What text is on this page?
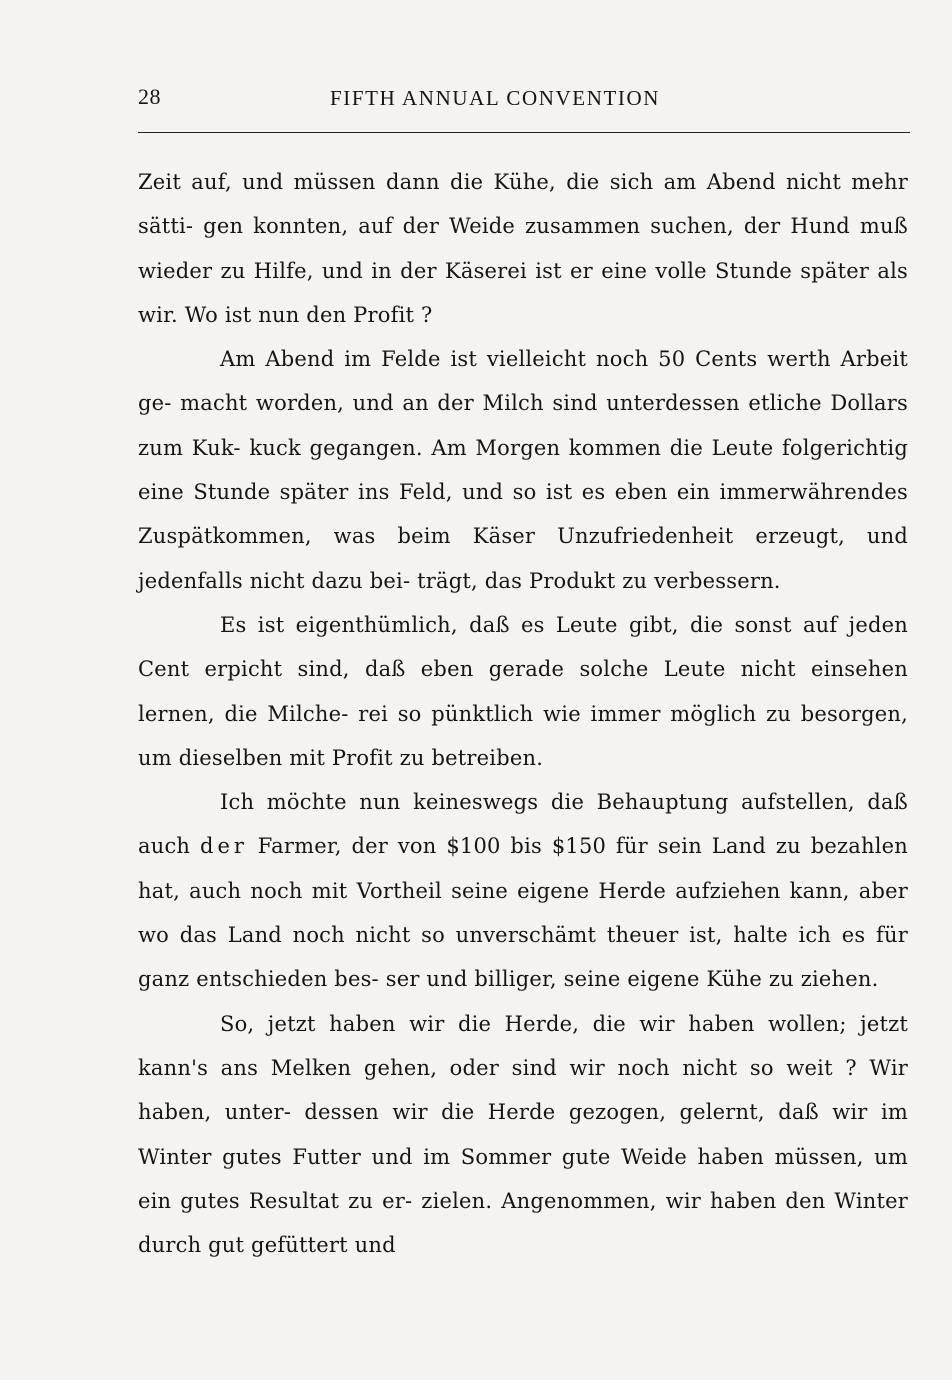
28	FIFTH ANNUAL CONVENTION

Zeit auf, und müssen dann die Kühe, die sich am Abend nicht mehr sätti- gen konnten, auf der Weide zusammen suchen, der Hund muß wieder zu Hilfe, und in der Käserei ist er eine volle Stunde später als wir. Wo ist nun den Profit ?

Am Abend im Felde ist vielleicht noch 50 Cents werth Arbeit ge- macht worden, und an der Milch sind unterdessen etliche Dollars zum Kuk- kuck gegangen. Am Morgen kommen die Leute folgerichtig eine Stunde später ins Feld, und so ist es eben ein immerwährendes Zuspätkommen, was beim Käser Unzufriedenheit erzeugt, und jedenfalls nicht dazu bei- trägt, das Produkt zu verbessern.

Es ist eigenthümlich, daß es Leute gibt, die sonst auf jeden Cent erpicht sind, daß eben gerade solche Leute nicht einsehen lernen, die Milche- rei so pünktlich wie immer möglich zu besorgen, um dieselben mit Profit zu betreiben.

Ich möchte nun keineswegs die Behauptung aufstellen, daß auch der Farmer, der von $100 bis $150 für sein Land zu bezahlen hat, auch noch mit Vortheil seine eigene Herde aufziehen kann, aber wo das Land noch nicht so unverschämt theuer ist, halte ich es für ganz entschieden bes- ser und billiger, seine eigene Kühe zu ziehen.

So, jetzt haben wir die Herde, die wir haben wollen; jetzt kann's ans Melken gehen, oder sind wir noch nicht so weit ? Wir haben, unter- dessen wir die Herde gezogen, gelernt, daß wir im Winter gutes Futter und im Sommer gute Weide haben müssen, um ein gutes Resultat zu er- zielen. Angenommen, wir haben den Winter durch gut gefüttert und
